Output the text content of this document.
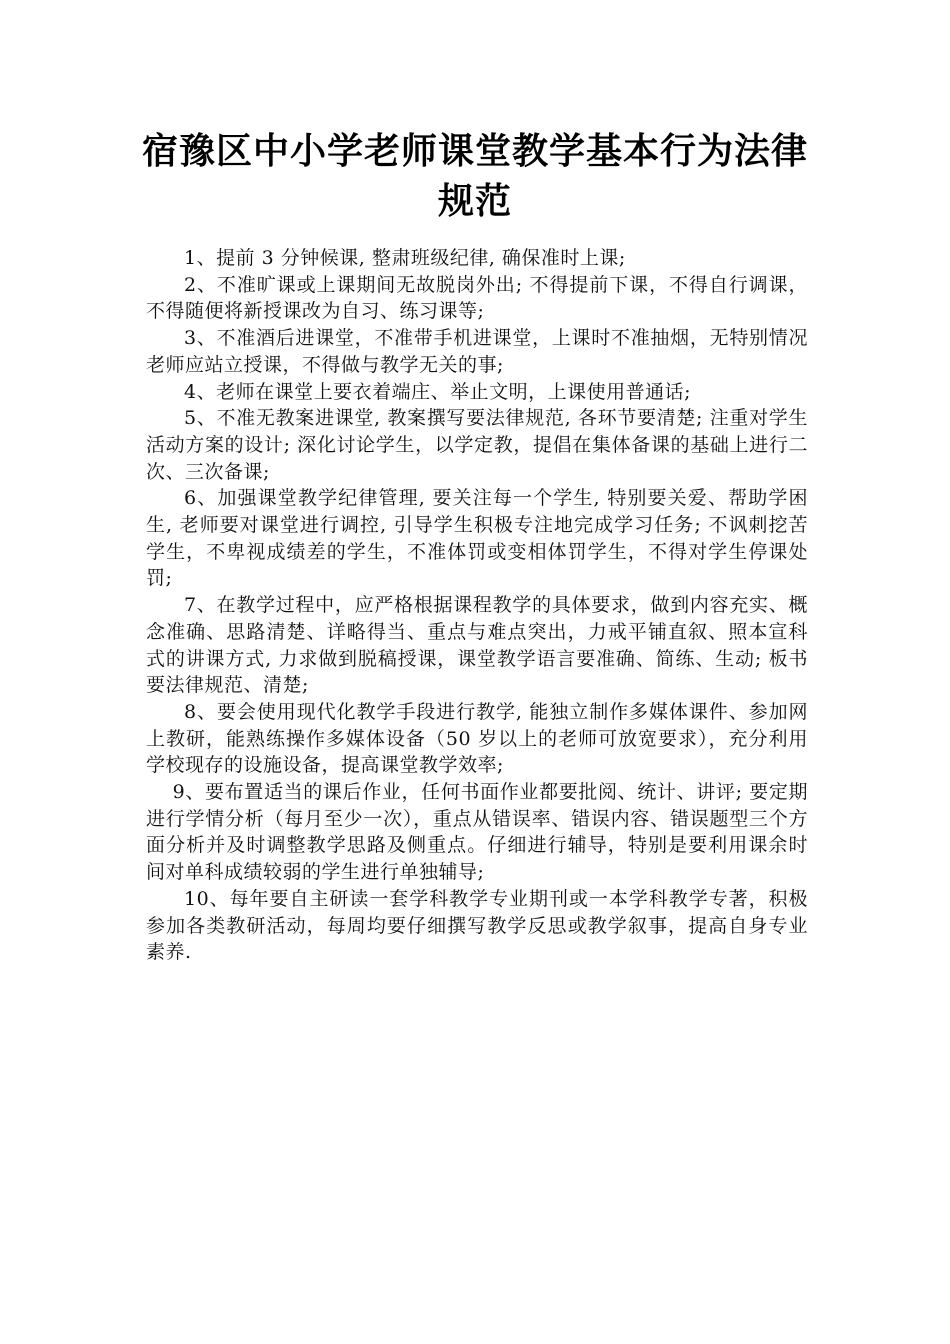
宿豫区中小学老师课堂教学基本行为法律
规范

1、提前 3 分钟候课, 整肃班级纪律, 确保准时上课;

2、不准旷课或上课期间无故脱岗外出; 不得提前下课，不得自行调课，不得随便将新授课改为自习、练习课等;

3、不准酒后进课堂，不准带手机进课堂，上课时不准抽烟，无特别情况老师应站立授课，不得做与教学无关的事;

4、老师在课堂上要衣着端庄、举止文明，上课使用普通话;

5、不准无教案进课堂, 教案撰写要法律规范, 各环节要清楚; 注重对学生活动方案的设计; 深化讨论学生，以学定教，提倡在集体备课的基础上进行二次、三次备课;

6、加强课堂教学纪律管理, 要关注每一个学生, 特别要关爱、帮助学困生, 老师要对课堂进行调控, 引导学生积极专注地完成学习任务; 不讽刺挖苦学生，不卑视成绩差的学生，不准体罚或变相体罚学生，不得对学生停课处罚;

7、在教学过程中，应严格根据课程教学的具体要求，做到内容充实、概念准确、思路清楚、详略得当、重点与难点突出，力戒平铺直叙、照本宣科式的讲课方式, 力求做到脱稿授课，课堂教学语言要准确、简练、生动; 板书要法律规范、清楚;

8、要会使用现代化教学手段进行教学, 能独立制作多媒体课件、参加网上教研，能熟练操作多媒体设备（50 岁以上的老师可放宽要求），充分利用学校现存的设施设备，提高课堂教学效率;

9、要布置适当的课后作业，任何书面作业都要批阅、统计、讲评; 要定期进行学情分析（每月至少一次），重点从错误率、错误内容、错误题型三个方面分析并及时调整教学思路及侧重点。仔细进行辅导，特别是要利用课余时间对单科成绩较弱的学生进行单独辅导;

10、每年要自主研读一套学科教学专业期刊或一本学科教学专著，积极参加各类教研活动，每周均要仔细撰写教学反思或教学叙事，提高自身专业素养.
